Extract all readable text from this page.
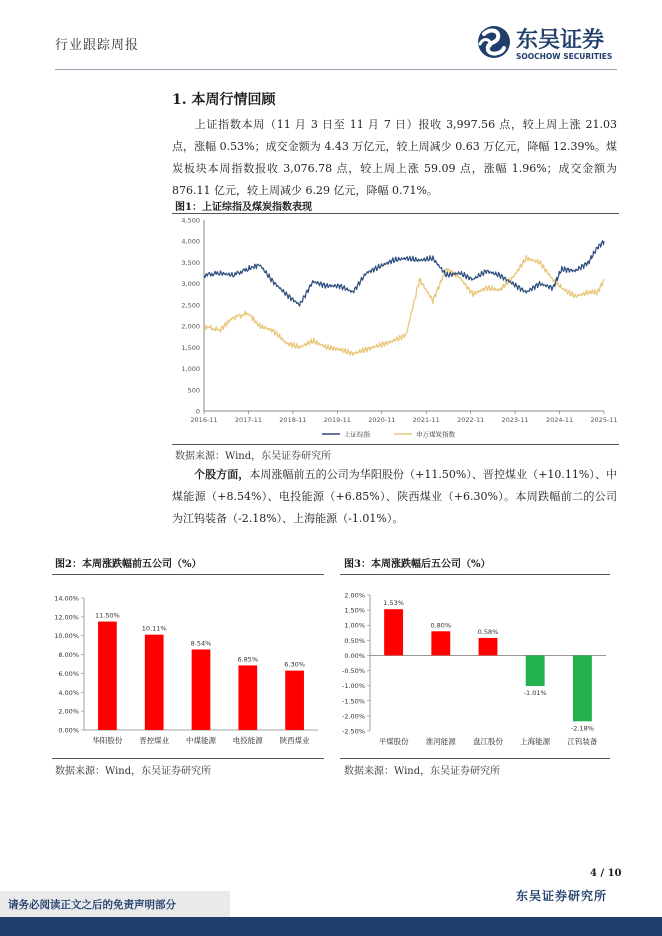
行业跟踪周报	东吴证券
SOOCHOW SECURITIES
1. 本周行情回顾
上证指数本周（11 月 3 日至 11 月 7 日）报收 3,997.56 点，较上周上涨 21.03 点，涨幅 0.53%；成交金额为 4.43 万亿元，较上周减少 0.63 万亿元，降幅 12.39%。煤炭板块本周指数报收 3,076.78 点，较上周上涨 59.09 点，涨幅 1.96%；成交金额为 876.11 亿元，较上周减少 6.29 亿元，降幅 0.71%。
图1：上证综指及煤炭指数表现
0
500
1,000
1,500
2,000
2,500
3,000
3,500
4,000
4,500
2016-11	2017-11	2018-11	2019-11	2020-11	2021-11	2022-11	2023-11	2024-11	2025-11
上证综指	申万煤炭指数
数据来源：Wind，东吴证券研究所
个股方面，本周涨幅前五的公司为华阳股份（+11.50%）、晋控煤业（+10.11%）、中煤能源（+8.54%）、电投能源（+6.85%）、陕西煤业（+6.30%）。本周跌幅前二的公司为江钨装备（-2.18%）、上海能源（-1.01%）。
图2：本周涨跌幅前五公司（%）
0.00%
2.00%
4.00%
6.00%
8.00%
10.00%
12.00%
14.00%
11.50%
华阳股份
10.11%
晋控煤业
8.54%
中煤能源
6.85%
电投能源
6.30%
陕西煤业
数据来源：Wind，东吴证券研究所
图3：本周涨跌幅后五公司（%）
-2.50%
-2.00%
-1.50%
-1.00%
-0.50%
0.00%
0.50%
1.00%
1.50%
2.00%
1.53%
平煤股份
0.80%
淮河能源
0.58%
盘江股份
-1.01%
上海能源
-2.18%
江钨装备
数据来源：Wind，东吴证券研究所
4 / 10
请务必阅读正文之后的免责声明部分
东吴证券研究所
